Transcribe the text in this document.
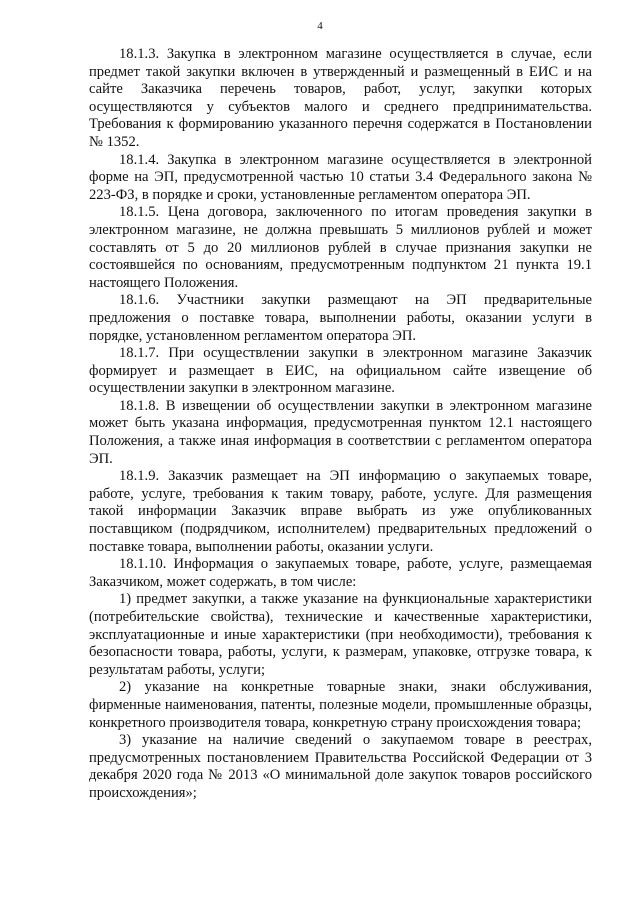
4

18.1.3. Закупка в электронном магазине осуществляется в случае, если предмет такой закупки включен в утвержденный и размещенный в ЕИС и на сайте Заказчика перечень товаров, работ, услуг, закупки которых осуществляются у субъектов малого и среднего предпринимательства. Требования к формированию указанного перечня содержатся в Постановлении № 1352.

18.1.4. Закупка в электронном магазине осуществляется в электронной форме на ЭП, предусмотренной частью 10 статьи 3.4 Федерального закона № 223-ФЗ, в порядке и сроки, установленные регламентом оператора ЭП.

18.1.5. Цена договора, заключенного по итогам проведения закупки в электронном магазине, не должна превышать 5 миллионов рублей и может составлять от 5 до 20 миллионов рублей в случае признания закупки не состоявшейся по основаниям, предусмотренным подпунктом 21 пункта 19.1 настоящего Положения.

18.1.6. Участники закупки размещают на ЭП предварительные предложения о поставке товара, выполнении работы, оказании услуги в порядке, установленном регламентом оператора ЭП.

18.1.7. При осуществлении закупки в электронном магазине Заказчик формирует и размещает в ЕИС, на официальном сайте извещение об осуществлении закупки в электронном магазине.

18.1.8. В извещении об осуществлении закупки в электронном магазине может быть указана информация, предусмотренная пунктом 12.1 настоящего Положения, а также иная информация в соответствии с регламентом оператора ЭП.

18.1.9. Заказчик размещает на ЭП информацию о закупаемых товаре, работе, услуге, требования к таким товару, работе, услуге. Для размещения такой информации Заказчик вправе выбрать из уже опубликованных поставщиком (подрядчиком, исполнителем) предварительных предложений о поставке товара, выполнении работы, оказании услуги.

18.1.10. Информация о закупаемых товаре, работе, услуге, размещаемая Заказчиком, может содержать, в том числе:

1) предмет закупки, а также указание на функциональные характеристики (потребительские свойства), технические и качественные характеристики, эксплуатационные и иные характеристики (при необходимости), требования к безопасности товара, работы, услуги, к размерам, упаковке, отгрузке товара, к результатам работы, услуги;

2) указание на конкретные товарные знаки, знаки обслуживания, фирменные наименования, патенты, полезные модели, промышленные образцы, конкретного производителя товара, конкретную страну происхождения товара;

3) указание на наличие сведений о закупаемом товаре в реестрах, предусмотренных постановлением Правительства Российской Федерации от 3 декабря 2020 года № 2013 «О минимальной доле закупок товаров российского происхождения»;
